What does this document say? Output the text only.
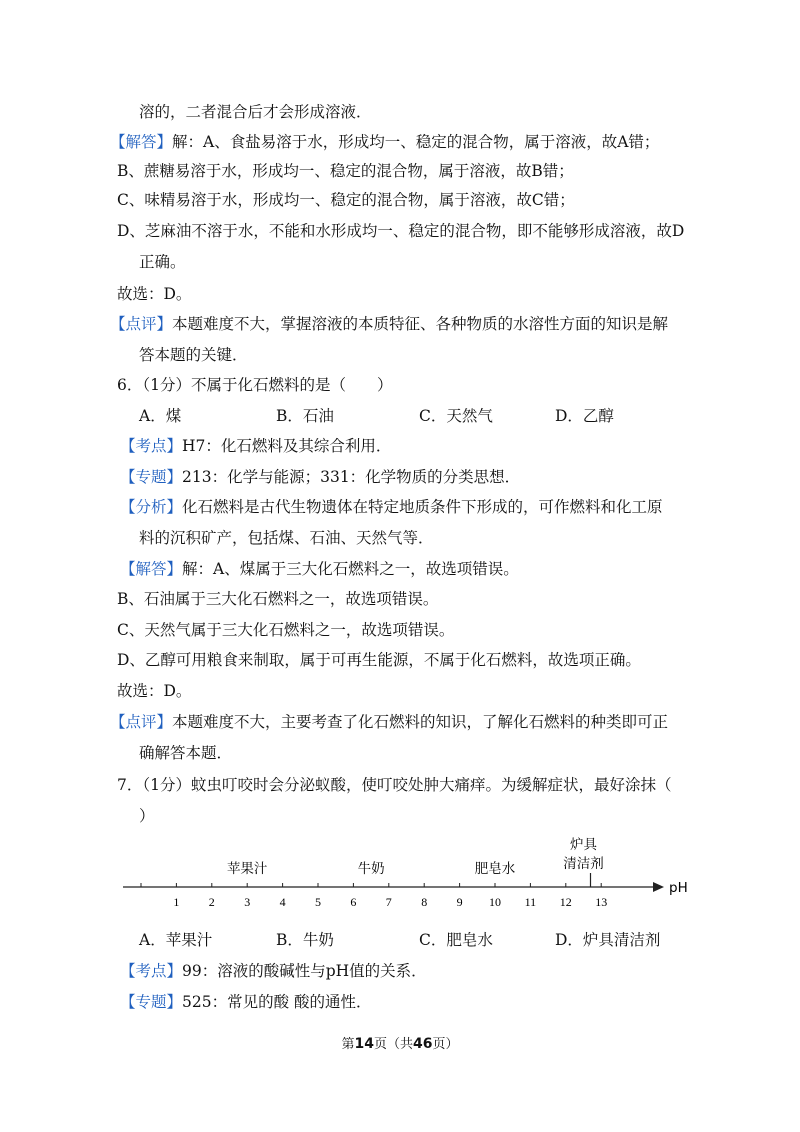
溶的，二者混合后才会形成溶液．
【解答】解：A、食盐易溶于水，形成均一、稳定的混合物，属于溶液，故A错；
B、蔗糖易溶于水，形成均一、稳定的混合物，属于溶液，故B错；
C、味精易溶于水，形成均一、稳定的混合物，属于溶液，故C错；
D、芝麻油不溶于水，不能和水形成均一、稳定的混合物，即不能够形成溶液，故D
正确。
故选：D。
【点评】本题难度不大，掌握溶液的本质特征、各种物质的水溶性方面的知识是解
答本题的关键．
6．（1分）不属于化石燃料的是（　　）
A．煤	B．石油	C．天然气	D．乙醇
【考点】H7：化石燃料及其综合利用．
【专题】213：化学与能源；331：化学物质的分类思想．
【分析】化石燃料是古代生物遗体在特定地质条件下形成的，可作燃料和化工原
料的沉积矿产，包括煤、石油、天然气等．
【解答】解：A、煤属于三大化石燃料之一，故选项错误。
B、石油属于三大化石燃料之一，故选项错误。
C、天然气属于三大化石燃料之一，故选项错误。
D、乙醇可用粮食来制取，属于可再生能源，不属于化石燃料，故选项正确。
故选：D。
【点评】本题难度不大，主要考查了化石燃料的知识，了解化石燃料的种类即可正
确解答本题．
7．（1分）蚊虫叮咬时会分泌蚁酸，使叮咬处肿大痛痒。为缓解症状，最好涂抹（
）
pH
1 2 3 4 5 6 7 8 9 10 11 12 13
苹果汁	牛奶	肥皂水
炉具
清洁剂
A．苹果汁	B．牛奶	C．肥皂水	D．炉具清洁剂
【考点】99：溶液的酸碱性与pH值的关系．
【专题】525：常见的酸 酸的通性．
第14页（共46页）
